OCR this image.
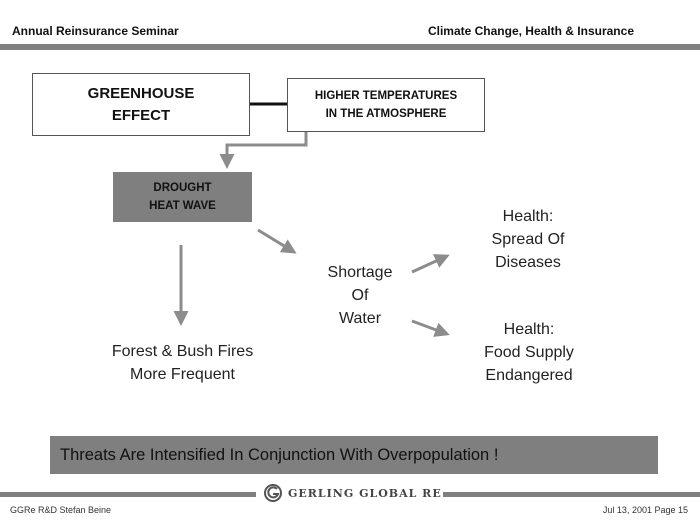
Annual Reinsurance Seminar	Climate Change, Health & Insurance
GREENHOUSE
EFFECT
HIGHER TEMPERATURES
IN THE ATMOSPHERE
DROUGHT
HEAT WAVE
Shortage
Of
Water
Health:
Spread Of
Diseases
Health:
Food Supply
Endangered
Forest & Bush Fires
More Frequent
Threats Are Intensified In Conjunction With Overpopulation !
GERLING GLOBAL RE
GGRe R&D Stefan Beine	Jul 13, 2001 Page 15
